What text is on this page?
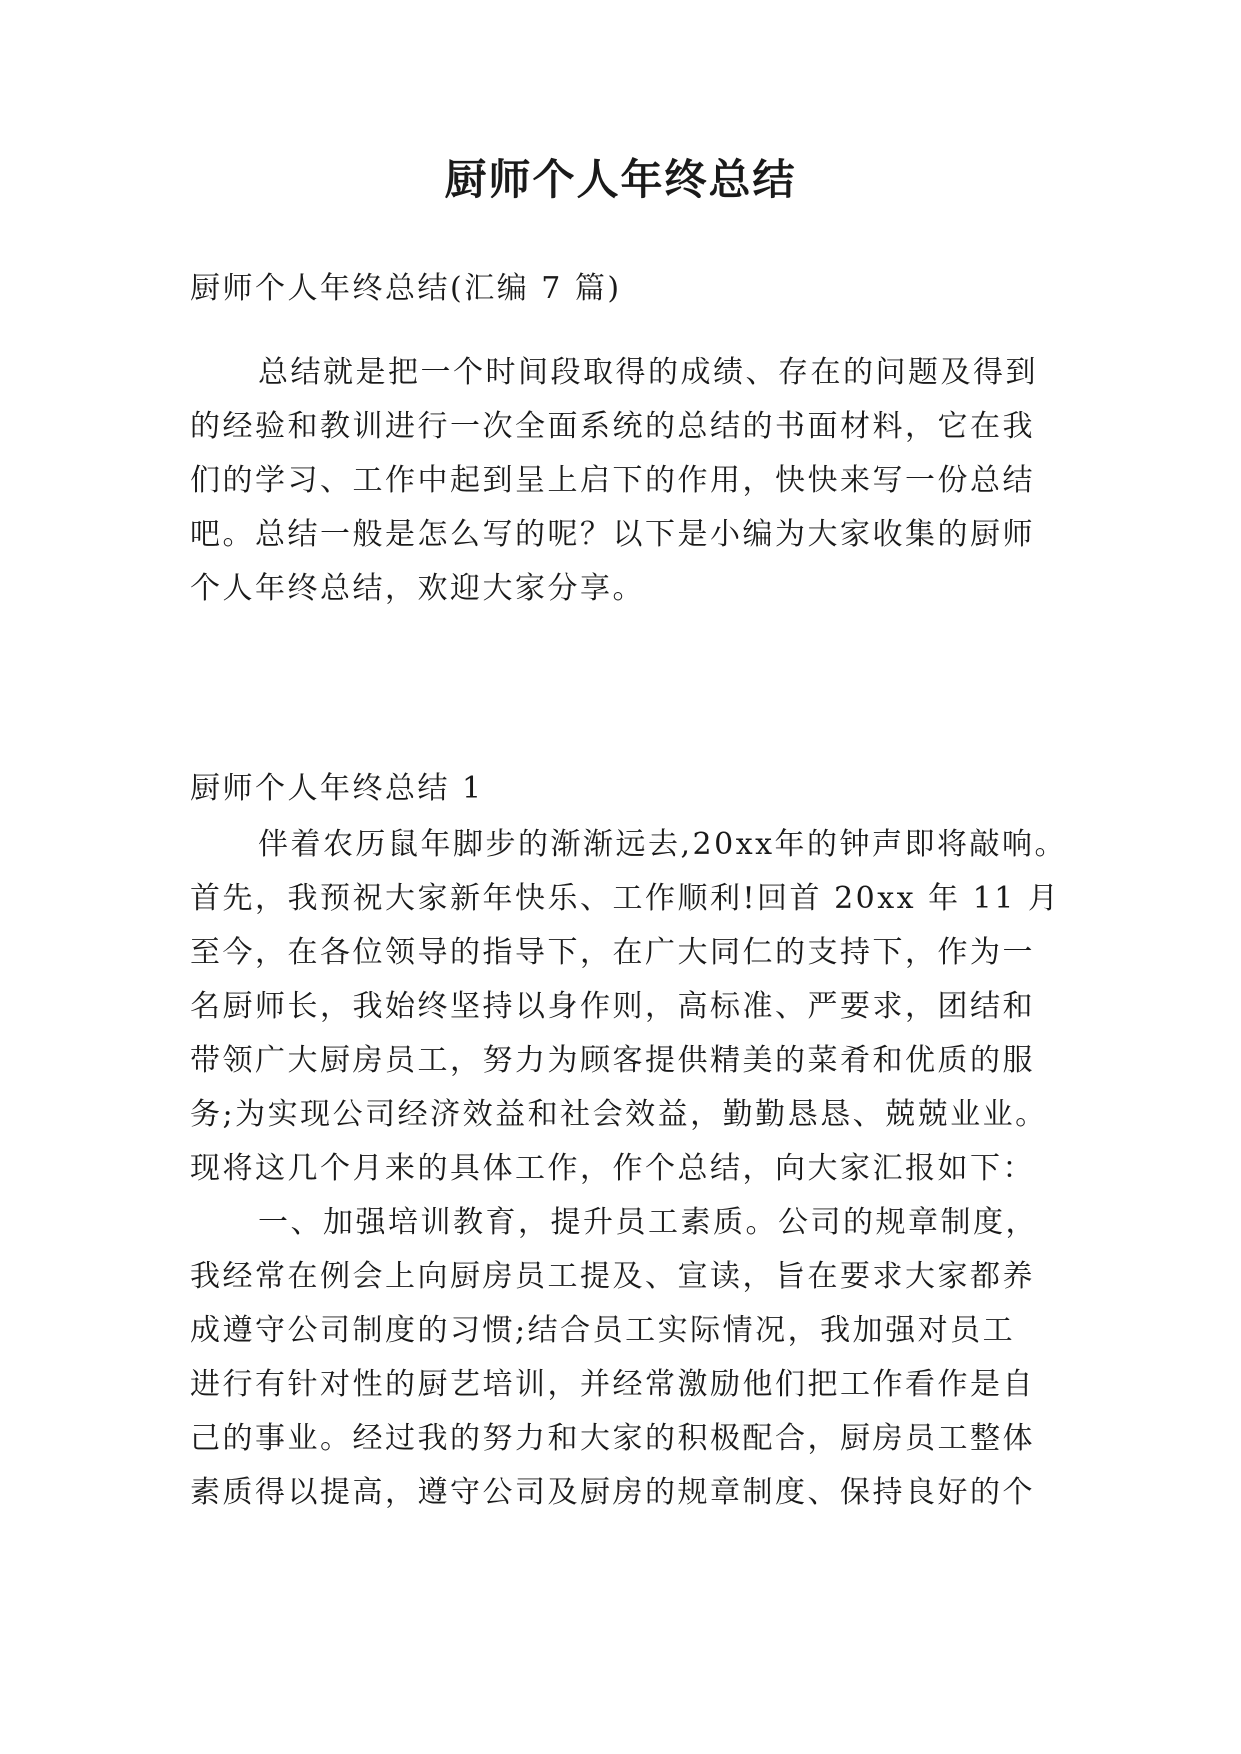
厨师个人年终总结

厨师个人年终总结(汇编 7 篇)

总结就是把一个时间段取得的成绩、存在的问题及得到
的经验和教训进行一次全面系统的总结的书面材料，它在我
们的学习、工作中起到呈上启下的作用，快快来写一份总结
吧。总结一般是怎么写的呢？以下是小编为大家收集的厨师
个人年终总结，欢迎大家分享。

厨师个人年终总结 1

伴着农历鼠年脚步的渐渐远去,20xx年的钟声即将敲响。
首先，我预祝大家新年快乐、工作顺利!回首 20xx 年 11 月
至今，在各位领导的指导下，在广大同仁的支持下，作为一
名厨师长，我始终坚持以身作则，高标准、严要求，团结和
带领广大厨房员工，努力为顾客提供精美的菜肴和优质的服
务;为实现公司经济效益和社会效益，勤勤恳恳、兢兢业业。
现将这几个月来的具体工作，作个总结，向大家汇报如下：
一、加强培训教育，提升员工素质。公司的规章制度，
我经常在例会上向厨房员工提及、宣读，旨在要求大家都养
成遵守公司制度的习惯;结合员工实际情况，我加强对员工
进行有针对性的厨艺培训，并经常激励他们把工作看作是自
己的事业。经过我的努力和大家的积极配合，厨房员工整体
素质得以提高，遵守公司及厨房的规章制度、保持良好的个
